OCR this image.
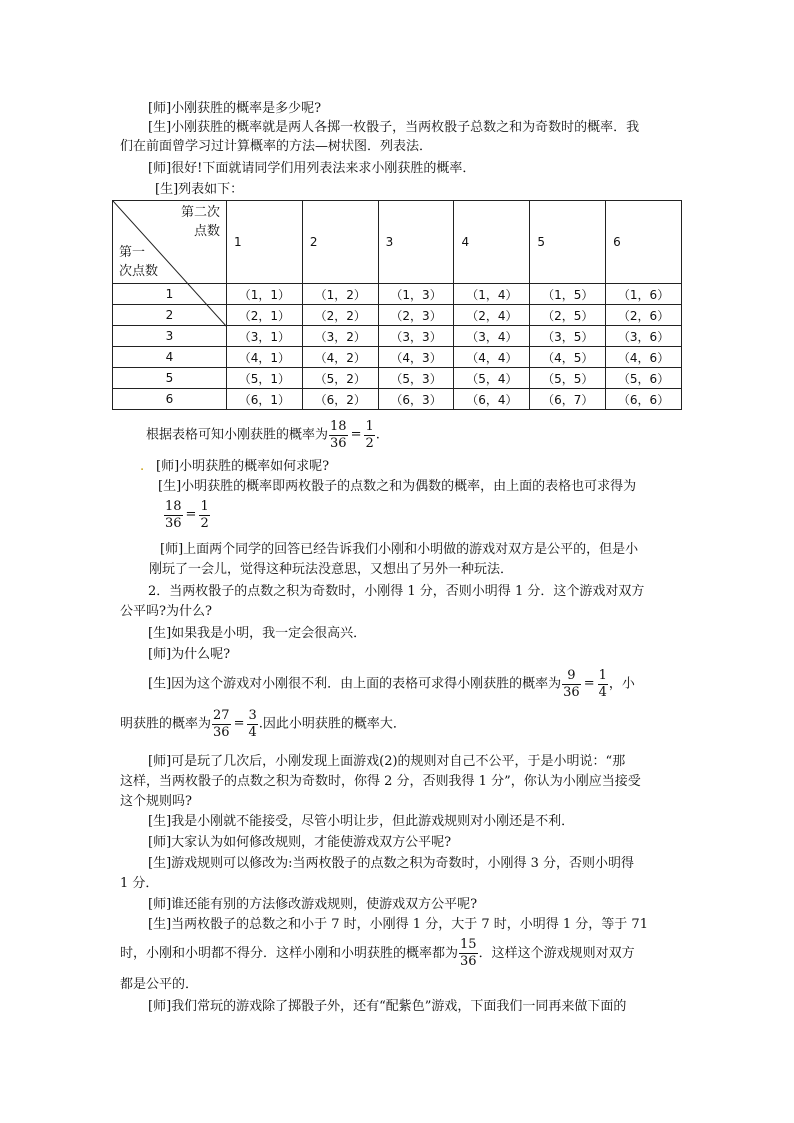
[师]小刚获胜的概率是多少呢?
[生]小刚获胜的概率就是两人各掷一枚骰子，当两枚骰子总数之和为奇数时的概率．我
们在前面曾学习过计算概率的方法—树状图．列表法．
[师]很好!下面就请同学们用列表法来求小刚获胜的概率．
[生]列表如下：
第二次
点数
第一
次点数	1	2	3	4	5	6
1	（1，1）	（1，2）	（1，3）	（1，4）	（1，5）	（1，6）
2	（2，1）	（2，2）	（2，3）	（2，4）	（2，5）	（2，6）
3	（3，1）	（3，2）	（3，3）	（3，4）	（3，5）	（3，6）
4	（4，1）	（4，2）	（4，3）	（4，4）	（4，5）	（4，6）
5	（5，1）	（5，2）	（5，3）	（5，4）	（5，5）	（5，6）
6	（6，1）	（6，2）	（6，3）	（6，4）	（6，7）	（6，6）
根据表格可知小刚获胜的概率为 $\frac{18}{36} = \frac{1}{2}$ .
. [师]小明获胜的概率如何求呢?
[生]小明获胜的概率即两枚骰子的点数之和为偶数的概率，由上面的表格也可求得为
$\frac{18}{36} = \frac{1}{2}$
[师]上面两个同学的回答已经告诉我们小刚和小明做的游戏对双方是公平的，但是小
刚玩了一会儿，觉得这种玩法没意思，又想出了另外一种玩法．
2．当两枚骰子的点数之积为奇数时，小刚得 1 分，否则小明得 1 分．这个游戏对双方
公平吗?为什么?
[生]如果我是小明，我一定会很高兴．
[师]为什么呢?
[生]因为这个游戏对小刚很不利．由上面的表格可求得小刚获胜的概率为 $\frac{9}{36} = \frac{1}{4}$ ，小
明获胜的概率为 $\frac{27}{36} = \frac{3}{4}$ .因此小明获胜的概率大．
[师]可是玩了几次后，小刚发现上面游戏(2)的规则对自己不公平，于是小明说：“那
这样，当两枚骰子的点数之积为奇数时，你得 2 分，否则我得 1 分”，你认为小刚应当接受
这个规则吗?
[生]我是小刚就不能接受，尽管小明让步，但此游戏规则对小刚还是不利．
[师]大家认为如何修改规则，才能使游戏双方公平呢?
[生]游戏规则可以修改为:当两枚骰子的点数之积为奇数时，小刚得 3 分，否则小明得
1 分．
[师]谁还能有别的方法修改游戏规则，使游戏双方公平呢?
[生]当两枚骰子的总数之和小于 7 时，小刚得 1 分，大于 7 时，小明得 1 分，等于 71
时，小刚和小明都不得分．这样小刚和小明获胜的概率都为 $\frac{15}{36}$ ．这样这个游戏规则对双方
都是公平的．
[师]我们常玩的游戏除了掷骰子外，还有“配紫色”游戏，下面我们一同再来做下面的
